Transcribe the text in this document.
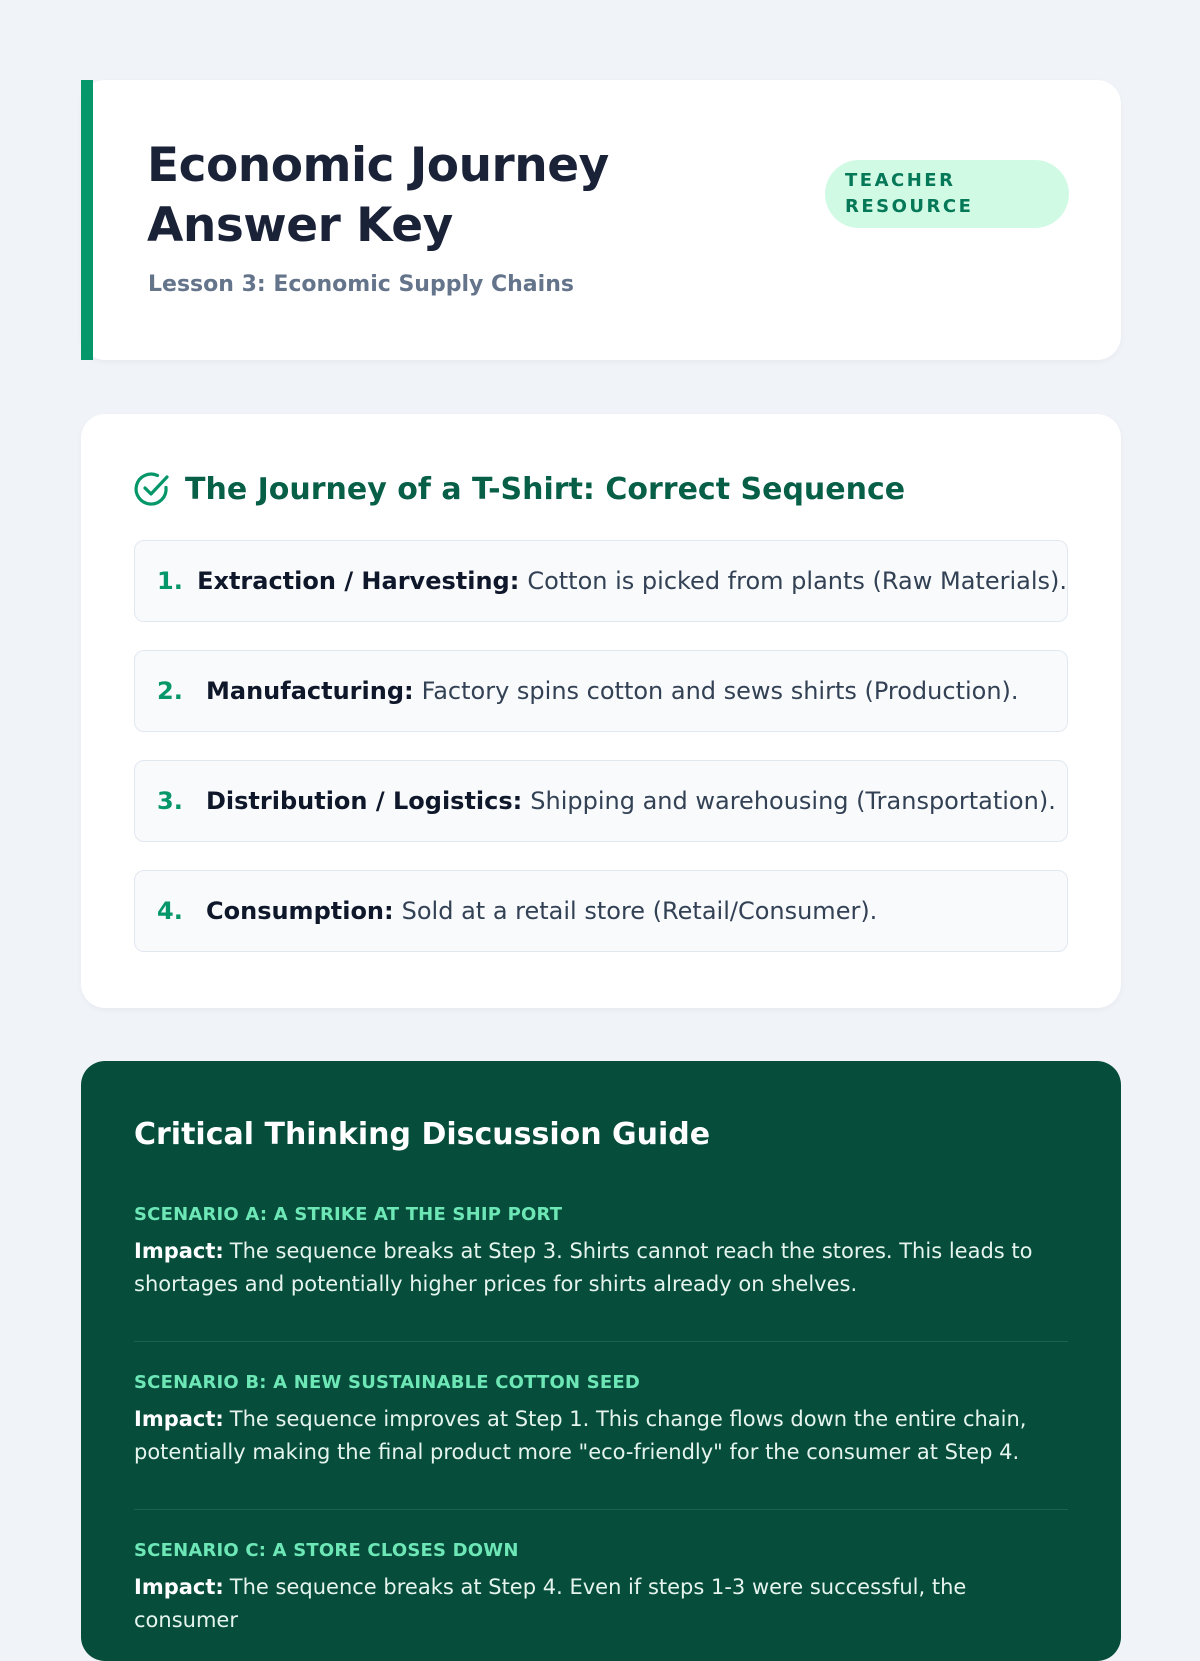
Economic Journey Answer Key
Lesson 3: Economic Supply Chains
TEACHER RESOURCE
The Journey of a T-Shirt: Correct Sequence
1. Extraction / Harvesting: Cotton is picked from plants (Raw Materials).
2. Manufacturing: Factory spins cotton and sews shirts (Production).
3. Distribution / Logistics: Shipping and warehousing (Transportation).
4. Consumption: Sold at a retail store (Retail/Consumer).
Critical Thinking Discussion Guide
SCENARIO A: A STRIKE AT THE SHIP PORT
Impact: The sequence breaks at Step 3. Shirts cannot reach the stores. This leads to shortages and potentially higher prices for shirts already on shelves.
SCENARIO B: A NEW SUSTAINABLE COTTON SEED
Impact: The sequence improves at Step 1. This change flows down the entire chain, potentially making the final product more "eco-friendly" for the consumer at Step 4.
SCENARIO C: A STORE CLOSES DOWN
Impact: The sequence breaks at Step 4. Even if steps 1-3 were successful, the consumer
